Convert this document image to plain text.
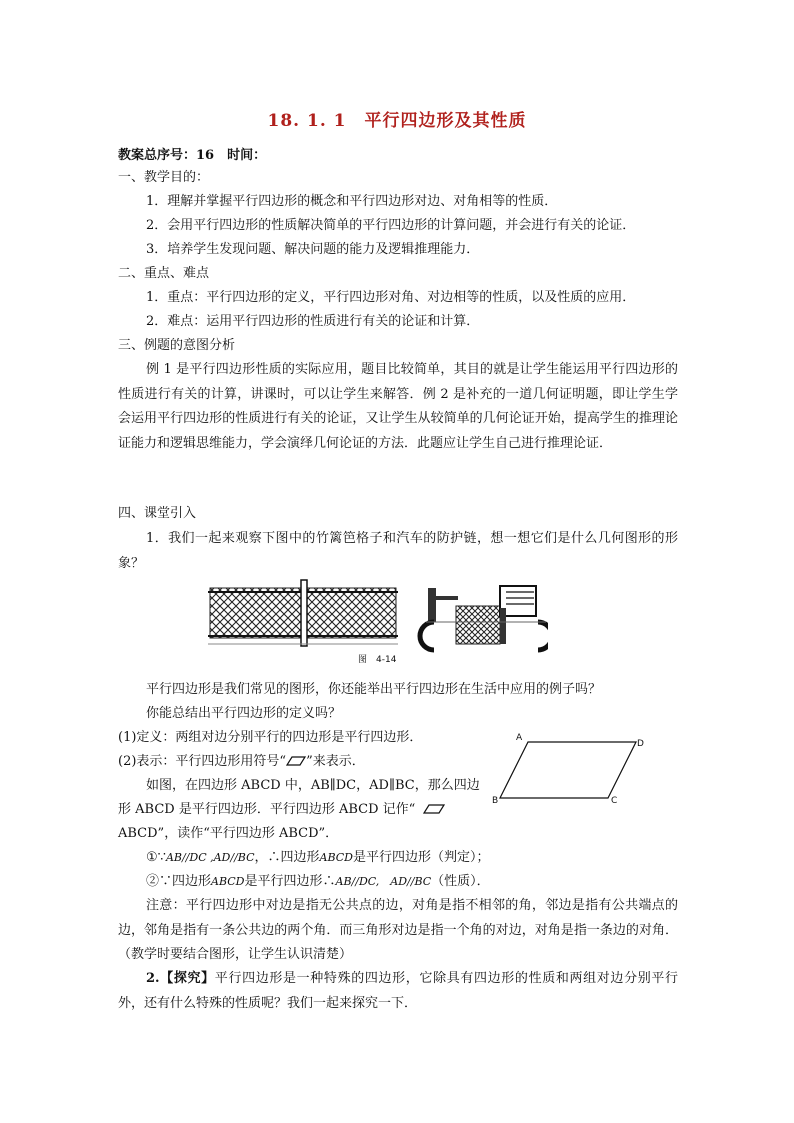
18. 1. 1　平行四边形及其性质
教案总序号：16　时间：
一、教学目的：
1．理解并掌握平行四边形的概念和平行四边形对边、对角相等的性质．
2．会用平行四边形的性质解决简单的平行四边形的计算问题，并会进行有关的论证．
3．培养学生发现问题、解决问题的能力及逻辑推理能力．
二、重点、难点
1．重点：平行四边形的定义，平行四边形对角、对边相等的性质，以及性质的应用．
2．难点：运用平行四边形的性质进行有关的论证和计算．
三、例题的意图分析
例 1 是平行四边形性质的实际应用，题目比较简单，其目的就是让学生能运用平行四边形的性质进行有关的计算，讲课时，可以让学生来解答．例 2 是补充的一道几何证明题，即让学生学会运用平行四边形的性质进行有关的论证，又让学生从较简单的几何论证开始，提高学生的推理论证能力和逻辑思维能力，学会演绎几何论证的方法．此题应让学生自己进行推理论证．
四、课堂引入
1．我们一起来观察下图中的竹篱笆格子和汽车的防护链，想一想它们是什么几何图形的形象？
图　4-14
平行四边形是我们常见的图形，你还能举出平行四边形在生活中应用的例子吗？
你能总结出平行四边形的定义吗？
(1)定义：两组对边分别平行的四边形是平行四边形．
(2)表示：平行四边形用符号“ ”来表示．
如图，在四边形 ABCD 中，AB∥DC，AD∥BC，那么四边
形 ABCD 是平行四边形．平行四边形 ABCD 记作“
ABCD”，读作“平行四边形 ABCD”．
A
D
B	C
①∵AB//DC ,AD//BC，∴四边形ABCD是平行四边形（判定）；
②∵四边形ABCD是平行四边形∴AB//DC,　AD//BC（性质）．
注意：平行四边形中对边是指无公共点的边，对角是指不相邻的角，邻边是指有公共端点的边，邻角是指有一条公共边的两个角．而三角形对边是指一个角的对边，对角是指一条边的对角．（教学时要结合图形，让学生认识清楚）
2.【探究】平行四边形是一种特殊的四边形，它除具有四边形的性质和两组对边分别平行外，还有什么特殊的性质呢？我们一起来探究一下．
